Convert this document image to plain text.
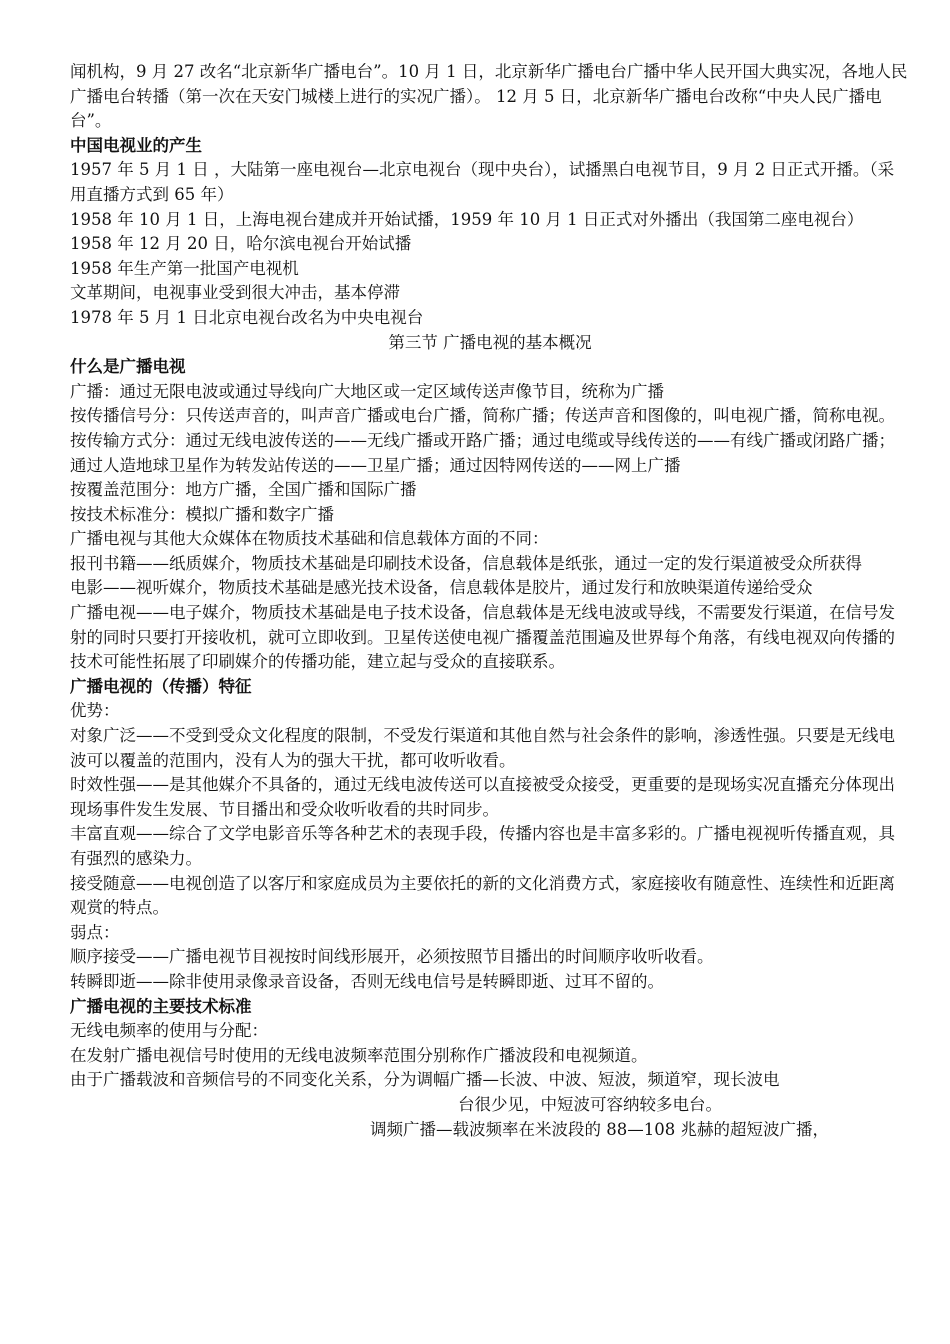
闻机构，9 月 27 改名“北京新华广播电台”。10 月 1 日，北京新华广播电台广播中华人民开国大典实况，各地人民广播电台转播（第一次在天安门城楼上进行的实况广播）。 12 月 5 日，北京新华广播电台改称“中央人民广播电台”。

中国电视业的产生

1957 年 5 月 1 日 ，大陆第一座电视台—北京电视台（现中央台），试播黑白电视节目，9 月 2 日正式开播。（采用直播方式到 65 年）

1958 年 10 月 1 日，上海电视台建成并开始试播，1959 年 10 月 1 日正式对外播出（我国第二座电视台）

1958 年 12 月 20 日，哈尔滨电视台开始试播

1958 年生产第一批国产电视机

文革期间，电视事业受到很大冲击，基本停滞

1978 年 5 月 1 日北京电视台改名为中央电视台

第三节 广播电视的基本概况

什么是广播电视

广播：通过无限电波或通过导线向广大地区或一定区域传送声像节目，统称为广播

按传播信号分：只传送声音的，叫声音广播或电台广播，简称广播；传送声音和图像的，叫电视广播，简称电视。

按传输方式分：通过无线电波传送的——无线广播或开路广播；通过电缆或导线传送的——有线广播或闭路广播；通过人造地球卫星作为转发站传送的——卫星广播；通过因特网传送的——网上广播

按覆盖范围分：地方广播，全国广播和国际广播

按技术标准分：模拟广播和数字广播

广播电视与其他大众媒体在物质技术基础和信息载体方面的不同：

报刊书籍——纸质媒介，物质技术基础是印刷技术设备，信息载体是纸张，通过一定的发行渠道被受众所获得

电影——视听媒介，物质技术基础是感光技术设备，信息载体是胶片，通过发行和放映渠道传递给受众

广播电视——电子媒介，物质技术基础是电子技术设备，信息载体是无线电波或导线，不需要发行渠道，在信号发射的同时只要打开接收机，就可立即收到。卫星传送使电视广播覆盖范围遍及世界每个角落，有线电视双向传播的技术可能性拓展了印刷媒介的传播功能，建立起与受众的直接联系。

广播电视的（传播）特征

优势：

对象广泛——不受到受众文化程度的限制，不受发行渠道和其他自然与社会条件的影响，渗透性强。只要是无线电波可以覆盖的范围内，没有人为的强大干扰，都可收听收看。

时效性强——是其他媒介不具备的，通过无线电波传送可以直接被受众接受，更重要的是现场实况直播充分体现出现场事件发生发展、节目播出和受众收听收看的共时同步。

丰富直观——综合了文学电影音乐等各种艺术的表现手段，传播内容也是丰富多彩的。广播电视视听传播直观，具有强烈的感染力。

接受随意——电视创造了以客厅和家庭成员为主要依托的新的文化消费方式，家庭接收有随意性、连续性和近距离观赏的特点。

弱点：

顺序接受——广播电视节目视按时间线形展开，必须按照节目播出的时间顺序收听收看。

转瞬即逝——除非使用录像录音设备，否则无线电信号是转瞬即逝、过耳不留的。

广播电视的主要技术标准

无线电频率的使用与分配：

在发射广播电视信号时使用的无线电波频率范围分别称作广播波段和电视频道。

由于广播载波和音频信号的不同变化关系，分为调幅广播—长波、中波、短波，频道窄，现长波电

台很少见，中短波可容纳较多电台。

调频广播—载波频率在米波段的 88—108 兆赫的超短波广播，
